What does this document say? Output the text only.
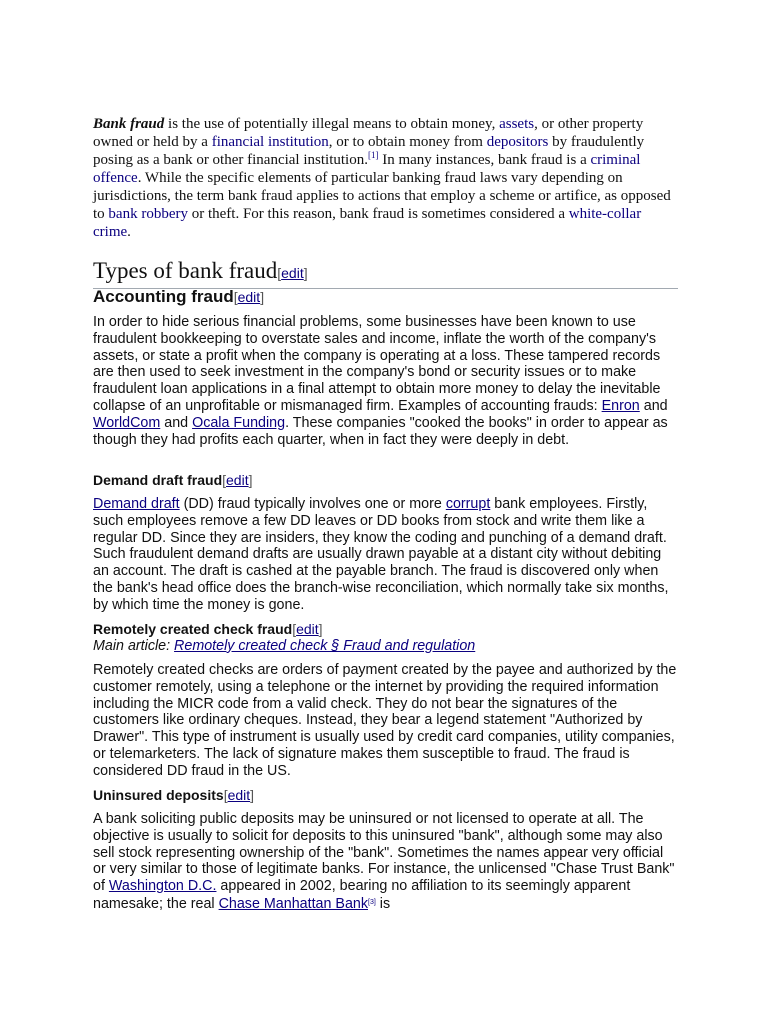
Bank fraud is the use of potentially illegal means to obtain money, assets, or other property owned or held by a financial institution, or to obtain money from depositors by fraudulently posing as a bank or other financial institution.[1] In many instances, bank fraud is a criminal offence. While the specific elements of particular banking fraud laws vary depending on jurisdictions, the term bank fraud applies to actions that employ a scheme or artifice, as opposed to bank robbery or theft. For this reason, bank fraud is sometimes considered a white-collar crime.

Types of bank fraud[edit]
Accounting fraud[edit]

In order to hide serious financial problems, some businesses have been known to use fraudulent bookkeeping to overstate sales and income, inflate the worth of the company's assets, or state a profit when the company is operating at a loss. These tampered records are then used to seek investment in the company's bond or security issues or to make fraudulent loan applications in a final attempt to obtain more money to delay the inevitable collapse of an unprofitable or mismanaged firm. Examples of accounting frauds: Enron and WorldCom and Ocala Funding. These companies "cooked the books" in order to appear as though they had profits each quarter, when in fact they were deeply in debt.

Demand draft fraud[edit]

Demand draft (DD) fraud typically involves one or more corrupt bank employees. Firstly, such employees remove a few DD leaves or DD books from stock and write them like a regular DD. Since they are insiders, they know the coding and punching of a demand draft. Such fraudulent demand drafts are usually drawn payable at a distant city without debiting an account. The draft is cashed at the payable branch. The fraud is discovered only when the bank's head office does the branch-wise reconciliation, which normally take six months, by which time the money is gone.

Remotely created check fraud[edit]

Main article: Remotely created check § Fraud and regulation

Remotely created checks are orders of payment created by the payee and authorized by the customer remotely, using a telephone or the internet by providing the required information including the MICR code from a valid check. They do not bear the signatures of the customers like ordinary cheques. Instead, they bear a legend statement "Authorized by Drawer". This type of instrument is usually used by credit card companies, utility companies, or telemarketers. The lack of signature makes them susceptible to fraud. The fraud is considered DD fraud in the US.

Uninsured deposits[edit]

A bank soliciting public deposits may be uninsured or not licensed to operate at all. The objective is usually to solicit for deposits to this uninsured "bank", although some may also sell stock representing ownership of the "bank". Sometimes the names appear very official or very similar to those of legitimate banks. For instance, the unlicensed "Chase Trust Bank" of Washington D.C. appeared in 2002, bearing no affiliation to its seemingly apparent namesake; the real Chase Manhattan Bank[3] is
